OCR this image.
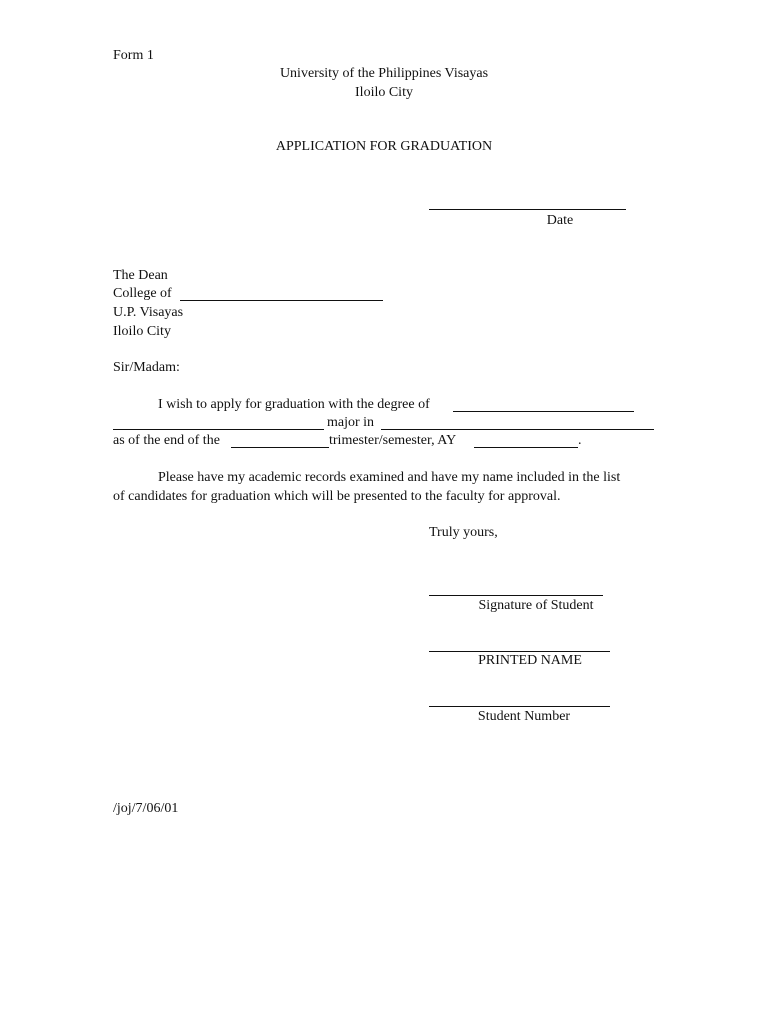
Form 1
University of the Philippines Visayas
Iloilo City
APPLICATION FOR GRADUATION
Date
The Dean
College of
U.P. Visayas
Iloilo City
Sir/Madam:
I wish to apply for graduation with the degree of
major in
as of the end of the	trimester/semester, AY	.
Please have my academic records examined and have my name included in the list
of candidates for graduation which will be presented to the faculty for approval.
Truly yours,
Signature of Student
PRINTED NAME
Student Number
/joj/7/06/01
